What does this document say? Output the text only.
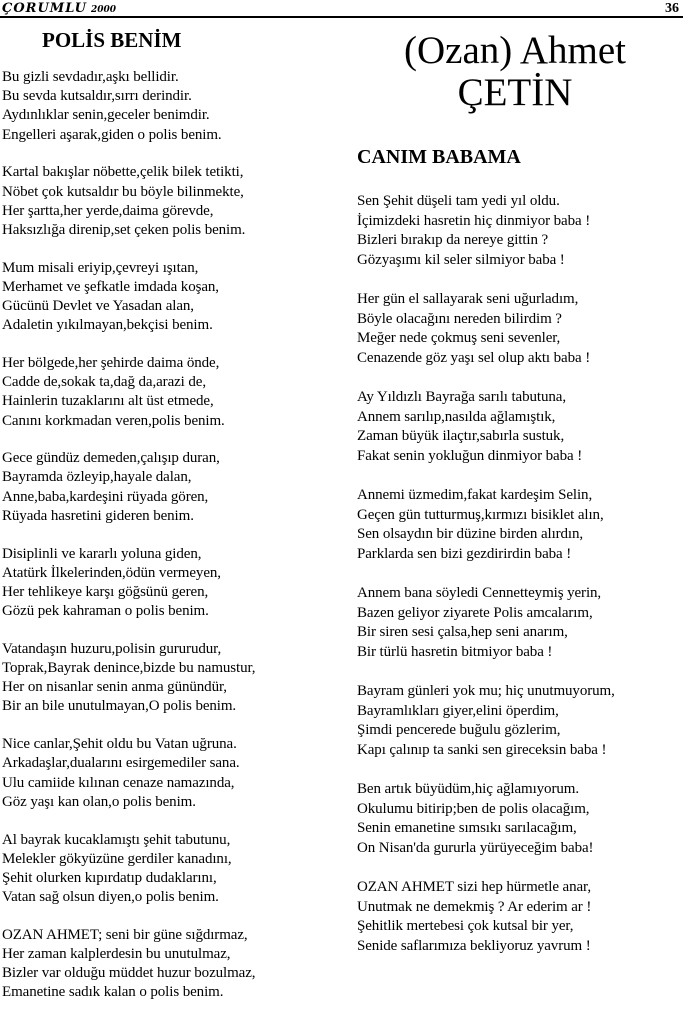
ÇORUMLU 2000	36
POLİS BENİM
Bu gizli sevdadır,aşkı bellidir.
Bu sevda kutsaldır,sırrı derindir.
Aydınlıklar senin,geceler benimdir.
Engelleri aşarak,giden o polis benim.
Kartal bakışlar nöbette,çelik bilek tetikti,
Nöbet çok kutsaldır bu böyle bilinmekte,
Her şartta,her yerde,daima görevde,
Haksızlığa direnip,set çeken polis benim.
Mum misali eriyip,çevreyi ışıtan,
Merhamet ve şefkatle imdada koşan,
Gücünü Devlet ve Yasadan alan,
Adaletin yıkılmayan,bekçisi benim.
Her bölgede,her şehirde daima önde,
Cadde de,sokak ta,dağ da,arazi de,
Hainlerin tuzaklarını alt üst etmede,
Canını korkmadan veren,polis benim.
Gece gündüz demeden,çalışıp duran,
Bayramda özleyip,hayale dalan,
Anne,baba,kardeşini rüyada gören,
Rüyada hasretini gideren benim.
Disiplinli ve kararlı yoluna giden,
Atatürk İlkelerinden,ödün vermeyen,
Her tehlikeye karşı göğsünü geren,
Gözü pek kahraman o polis benim.
Vatandaşın huzuru,polisin gururudur,
Toprak,Bayrak denince,bizde bu namustur,
Her on nisanlar senin anma günündür,
Bir an bile unutulmayan,O polis benim.
Nice canlar,Şehit oldu bu Vatan uğruna.
Arkadaşlar,dualarını esirgemediler sana.
Ulu camiide kılınan cenaze namazında,
Göz yaşı kan olan,o polis benim.
Al bayrak kucaklamıştı şehit tabutunu,
Melekler gökyüzüne gerdiler kanadını,
Şehit olurken kıpırdatıp dudaklarını,
Vatan sağ olsun diyen,o polis benim.
OZAN AHMET; seni bir güne sığdırmaz,
Her zaman kalplerdesin bu unutulmaz,
Bizler var olduğu müddet huzur bozulmaz,
Emanetine sadık kalan o polis benim.
(Ozan) Ahmet
ÇETİN
CANIM BABAMA
Sen Şehit düşeli tam yedi yıl oldu.
İçimizdeki hasretin hiç dinmiyor baba !
Bizleri bırakıp da nereye gittin ?
Gözyaşımı kil seler silmiyor baba !
Her gün el sallayarak seni uğurladım,
Böyle olacağını nereden bilirdim ?
Meğer nede çokmuş seni sevenler,
Cenazende göz yaşı sel olup aktı baba !
Ay Yıldızlı Bayrağa sarılı tabutuna,
Annem sarılıp,nasılda ağlamıştık,
Zaman büyük ilaçtır,sabırla sustuk,
Fakat senin yokluğun dinmiyor baba !
Annemi üzmedim,fakat kardeşim Selin,
Geçen gün tutturmuş,kırmızı bisiklet alın,
Sen olsaydın bir düzine birden alırdın,
Parklarda sen bizi gezdirirdin baba !
Annem bana söyledi Cennetteymiş yerin,
Bazen geliyor ziyarete Polis amcalarım,
Bir siren sesi çalsa,hep seni anarım,
Bir türlü hasretin bitmiyor baba !
Bayram günleri yok mu; hiç unutmuyorum,
Bayramlıkları giyer,elini öperdim,
Şimdi pencerede buğulu gözlerim,
Kapı çalınıp ta sanki sen gireceksin baba !
Ben artık büyüdüm,hiç ağlamıyorum.
Okulumu bitirip;ben de polis olacağım,
Senin emanetine sımsıkı sarılacağım,
On Nisan'da gururla yürüyeceğim baba!
OZAN AHMET sizi hep hürmetle anar,
Unutmak ne demekmiş ? Ar ederim ar !
Şehitlik mertebesi çok kutsal bir yer,
Senide saflarımıza bekliyoruz yavrum !
